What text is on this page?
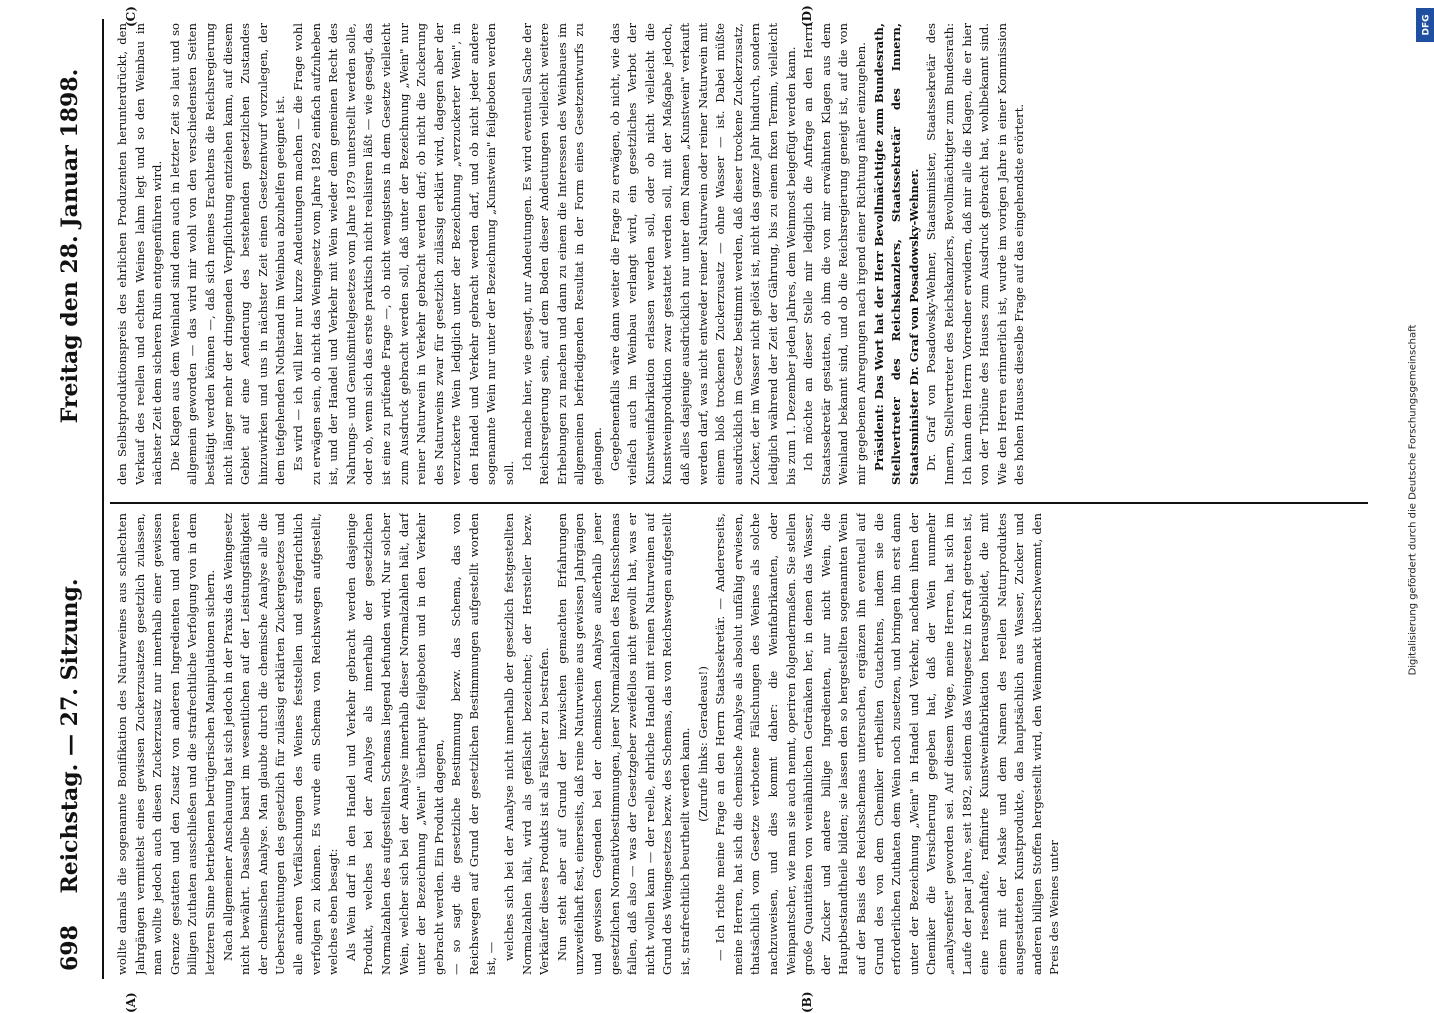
698
Reichstag. — 27. Sitzung.
Freitag den 28. Januar 1898.

wollte damals die sogenannte Bonifikation des Naturweines aus schlechten Jahrgängen vermittelst eines gewissen Zuckerzusatzes gesetzlich zulassen, man wollte jedoch auch diesen Zuckerzusatz nur innerhalb einer gewissen Grenze gestatten und den Zusatz von anderen Ingredienten und anderen billigen Zuthaten ausschließen und die strafrechtliche Verfolgung von in dem letzteren Sinne betriebenen betrügerischen Manipulationen sichern. Nach allgemeiner Anschauung hat sich jedoch in der Praxis das Weingesetz nicht bewährt. Dasselbe basirt im wesentlichen auf der Leistungsfähigkeit der chemischen Analyse. Man glaubte durch die chemische Analyse alle die Ueberschreitungen des gesetzlich für zulässig erklärten Zuckergesetzes und alle anderen Verfälschungen des Weines feststellen und strafgerichtlich verfolgen zu können. Es wurde ein Schema von Reichswegen aufgestellt, welches eben besagt: Als Wein darf in den Handel und Verkehr gebracht werden dasjenige Produkt, welches bei der Analyse als innerhalb der gesetzlichen Normalzahlen des aufgestellten Schemas liegend befunden wird. Nur solcher Wein, welcher sich bei der Analyse innerhalb dieser Normalzahlen hält, darf unter der Bezeichnung „Wein" überhaupt feilgeboten und in den Verkehr gebracht werden. Ein Produkt dagegen, — so sagt die gesetzliche Bestimmung bezw. das Schema, das von Reichswegen auf Grund der gesetzlichen Bestimmungen aufgestellt worden ist, — welches sich bei der Analyse nicht innerhalb der gesetzlich festgestellten Normalzahlen hält, wird als gefälscht bezeichnet; der Hersteller bezw. Verkäufer dieses Produkts ist als Fälscher zu bestrafen. Nun steht aber auf Grund der inzwischen gemachten Erfahrungen unzweifelhaft fest, einerseits, daß reine Naturweine aus gewissen Jahrgängen und gewissen Gegenden bei der chemischen Analyse außerhalb jener gesetzlichen Normativbestimmungen, jener Normalzahlen des Reichsschemas fallen, daß also — was der Gesetzgeber zweifellos nicht gewollt hat, was er nicht wollen kann — der reelle, ehrliche Handel mit reinen Naturweinen auf Grund des Weingesetzes bezw. des Schemas, das von Reichswegen aufgestellt ist, strafrechtlich beurtheilt werden kann. (Zurufe links: Geradeaus!) — Ich richte meine Frage an den Herrn Staatssekretär. — Andererseits, meine Herren, hat sich die chemische Analyse als absolut unfähig erwiesen, thatsächlich vom Gesetze verbotene Fälschungen des Weines als solche nachzuweisen, und dies kommt daher: die Weinfabrikanten, oder Weinpantscher, wie man sie auch nennt, operiren folgendermaßen. Sie stellen große Quantitäten von weinähnlichen Getränken her, in denen das Wasser, der Zucker und andere billige Ingredienten, nur nicht Wein, die Hauptbestandtheile bilden; sie lassen den so hergestellten sogenannten Wein auf der Basis des Reichsschemas untersuchen, ergänzen ihn eventuell auf Grund des von dem Chemiker ertheilten Gutachtens, indem sie die erforderlichen Zuthaten dem Wein noch zusetzen, und bringen ihn erst dann unter der Bezeichnung „Wein" in Handel und Verkehr, nachdem ihnen der Chemiker die Versicherung gegeben hat, daß der Wein nunmehr „analysenfest" geworden sei. Auf diesem Wege, meine Herren, hat sich im Laufe der paar Jahre, seit 1892, seitdem das Weingesetz in Kraft getreten ist, eine riesenhafte, raffinirte Kunstweinfabrikation herausgebildet, die mit einem mit der Maske und dem Namen des reellen Naturproduktes ausgestatteten Kunstprodukte, das hauptsächlich aus Wasser, Zucker und anderen billigen Stoffen hergestellt wird, den Weinmarkt überschwemmt, den Preis des Weines unter

den Selbstproduktionspreis des ehrlichen Produzenten herunterdrückt, den Verkauf des reellen und echten Weines lahm legt und so den Weinbau in nächster Zeit dem sicheren Ruin entgegenführen wird. Die Klagen aus dem Weinland sind denn auch in letzter Zeit so laut und so allgemein geworden — das wird mir wohl von den verschiedensten Seiten bestätigt werden können —, daß sich meines Erachtens die Reichsregierung nicht länger mehr der dringenden Verpflichtung entziehen kann, auf diesem Gebiet auf eine Aenderung des bestehenden gesetzlichen Zustandes hinzuwirken und uns in nächster Zeit einen Gesetzentwurf vorzulegen, der dem tiefgehenden Nothstand im Weinbau abzuhelfen geeignet ist. Es wird — ich will hier nur kurze Andeutungen machen — die Frage wohl zu erwägen sein, ob nicht das Weingesetz vom Jahre 1892 einfach aufzuheben ist, und der Handel und Verkehr mit Wein wieder dem gemeinen Recht des Nahrungs- und Genußmittelgesetzes vom Jahre 1879 unterstellt werden solle, oder ob, wenn sich das erste praktisch nicht realisiren läßt — wie gesagt, das ist eine zu prüfende Frage —, ob nicht wenigstens in dem Gesetze vielleicht zum Ausdruck gebracht werden soll, daß unter der Bezeichnung „Wein" nur reiner Naturwein in Verkehr gebracht werden darf; ob nicht die Zuckerung des Naturweins zwar für gesetzlich zulässig erklärt wird, dagegen aber der verzuckerte Wein lediglich unter der Bezeichnung „verzuckerter Wein", in den Handel und Verkehr gebracht werden darf, und ob nicht jeder andere sogenannte Wein nur unter der Bezeichnung „Kunstwein" feilgeboten werden soll.

Ich mache hier, wie gesagt, nur Andeutungen. Es wird eventuell Sache der Reichsregierung sein, auf dem Boden dieser Andeutungen vielleicht weitere Erhebungen zu machen und dann zu einem die Interessen des Weinbaues im allgemeinen befriedigenden Resultat in der Form eines Gesetzentwurfs zu gelangen. Gegebenenfalls wäre dann weiter die Frage zu erwägen, ob nicht, wie das vielfach auch im Weinbau verlangt wird, ein gesetzliches Verbot der Kunstweinfabrikation erlassen werden soll, oder ob nicht vielleicht die Kunstweinproduktion zwar gestattet werden soll, mit der Maßgabe jedoch, daß alles dasjenige ausdrücklich nur unter dem Namen „Kunstwein" verkauft werden darf, was nicht entweder reiner Naturwein oder reiner Naturwein mit einem bloß trockenen Zuckerzusatz — ohne Wasser — ist. Dabei müßte ausdrücklich im Gesetz bestimmt werden, daß dieser trockene Zuckerzusatz, Zucker, der im Wasser nicht gelöst ist, nicht das ganze Jahr hindurch, sondern lediglich während der Zeit der Gährung, bis zu einem fixen Termin, vielleicht bis zum 1. Dezember jeden Jahres, dem Weinmost beigefügt werden kann. Ich möchte an dieser Stelle mir lediglich die Anfrage an den Herrn Staatssekretär gestatten, ob ihm die von mir erwähnten Klagen aus dem Weinland bekannt sind, und ob die Reichsregierung geneigt ist, auf die von mir gegebenen Anregungen nach irgend einer Richtung näher einzugehen. Präsident: Das Wort hat der Herr Bevollmächtigte zum Bundesrath, Stellvertreter des Reichskanzlers, Staatssekretär des Innern, Staatsminister Dr. Graf von Posadowsky-Wehner. Dr. Graf von Posadowsky-Wehner, Staatsminister, Staatssekretär des Innern, Stellvertreter des Reichskanzlers, Bevollmächtigter zum Bundesrath: Ich kann dem Herrn Vorredner erwidern, daß mir alle die Klagen, die er hier von der Tribüne des Hauses zum Ausdruck gebracht hat, wohlbekannt sind. Wie den Herren erinnerlich ist, wurde im vorigen Jahre in einer Kommission des hohen Hauses dieselbe Frage auf das eingehendste erörtert.

(A)	(B)
(C)	(D)	DFG
Digitalisierung gefördert durch die Deutsche Forschungsgemeinschaft
